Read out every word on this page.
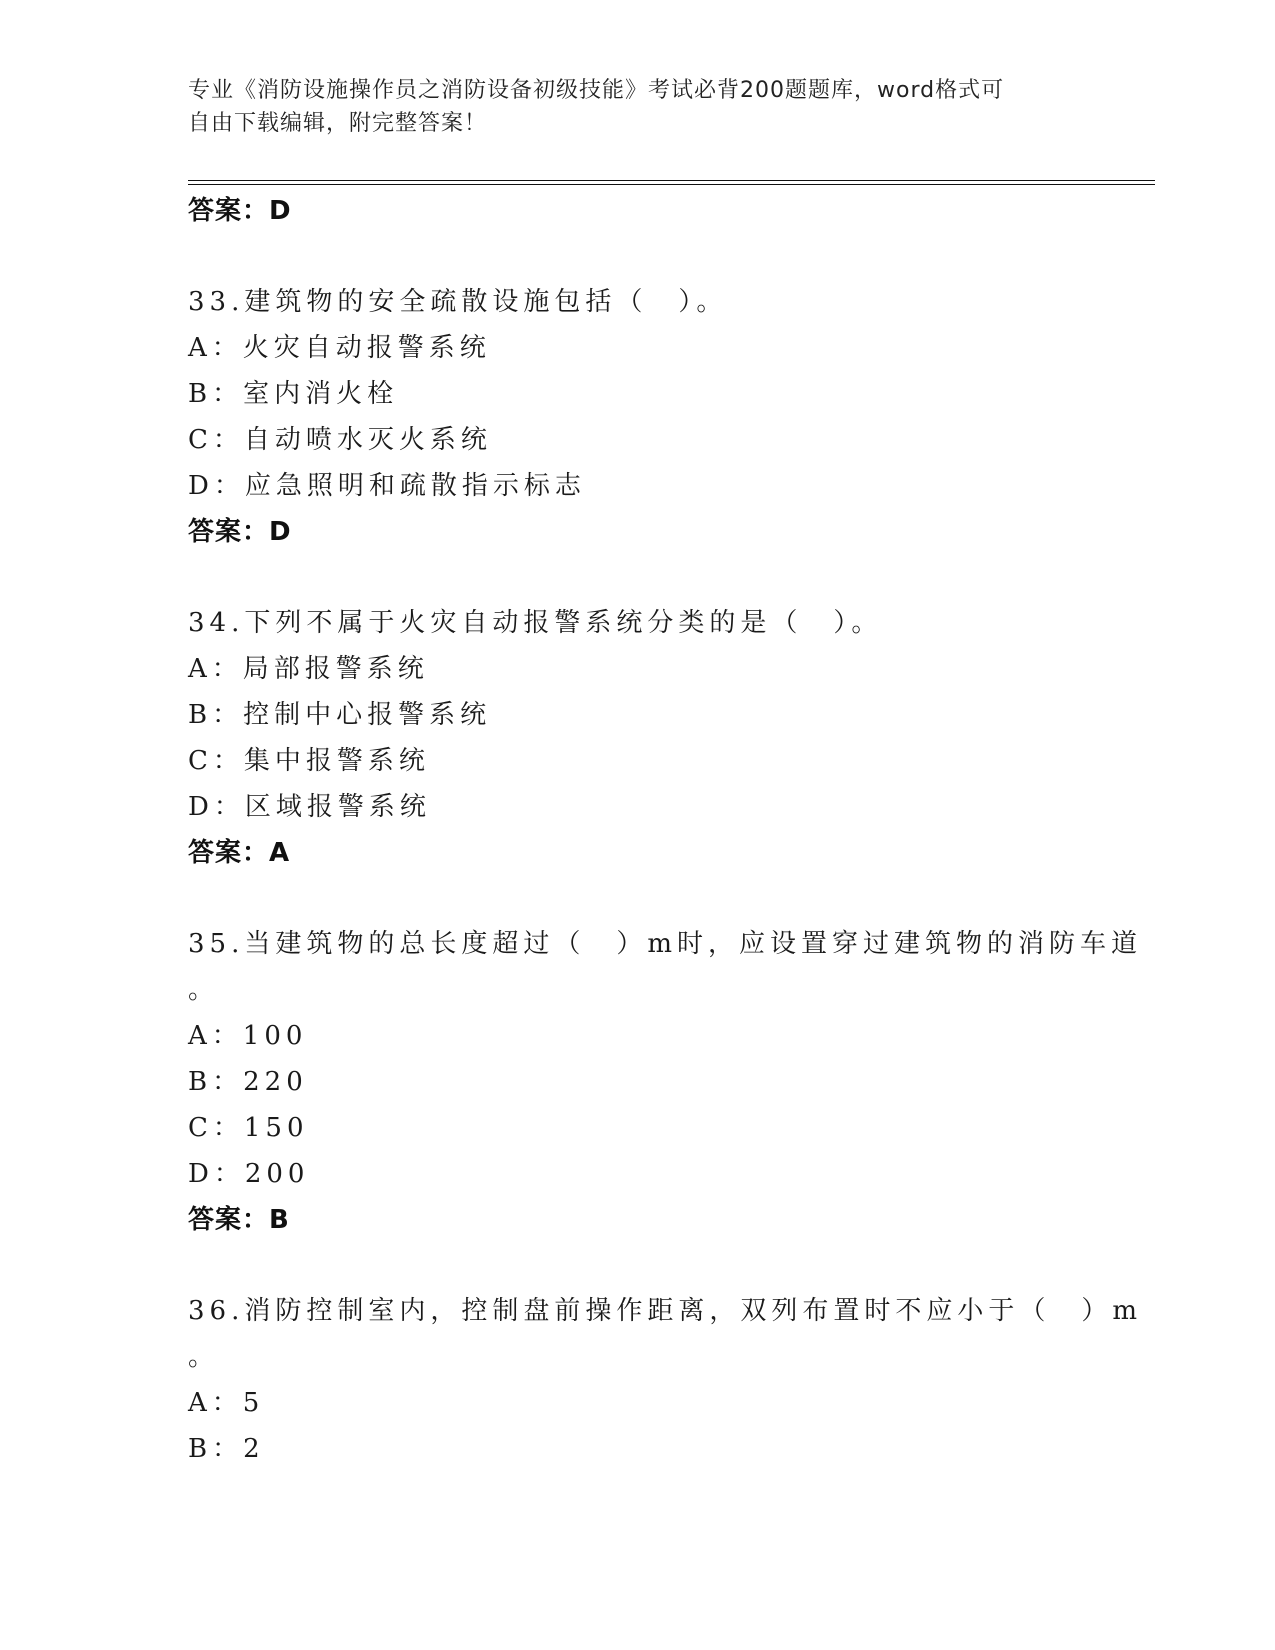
专业《消防设施操作员之消防设备初级技能》考试必背200题题库，word格式可
自由下载编辑，附完整答案！
答案：D
33.建筑物的安全疏散设施包括（　）。
A：火灾自动报警系统
B：室内消火栓
C：自动喷水灭火系统
D：应急照明和疏散指示标志
答案：D
34.下列不属于火灾自动报警系统分类的是（　）。
A：局部报警系统
B：控制中心报警系统
C：集中报警系统
D：区域报警系统
答案：A
35.当建筑物的总长度超过（　）m时，应设置穿过建筑物的消防车道
。
A：100
B：220
C：150
D：200
答案：B
36.消防控制室内，控制盘前操作距离，双列布置时不应小于（　）m
。
A：5
B：2
